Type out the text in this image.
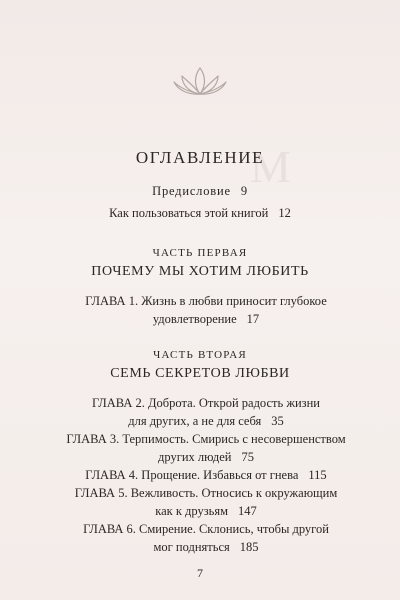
M
ОГЛАВЛЕНИЕ
Предисловие 9
Как пользоваться этой книгой 12
ЧАСТЬ ПЕРВАЯ
ПОЧЕМУ МЫ ХОТИМ ЛЮБИТЬ
ГЛАВА 1. Жизнь в любви приносит глубокое
удовлетворение 17
ЧАСТЬ ВТОРАЯ
СЕМЬ СЕКРЕТОВ ЛЮБВИ
ГЛАВА 2. Доброта. Открой радость жизни
для других, а не для себя 35
ГЛАВА 3. Терпимость. Смирись с несовершенством
других людей 75
ГЛАВА 4. Прощение. Избавься от гнева 115
ГЛАВА 5. Вежливость. Относись к окружающим
как к друзьям 147
ГЛАВА 6. Смирение. Склонись, чтобы другой
мог подняться 185
7
